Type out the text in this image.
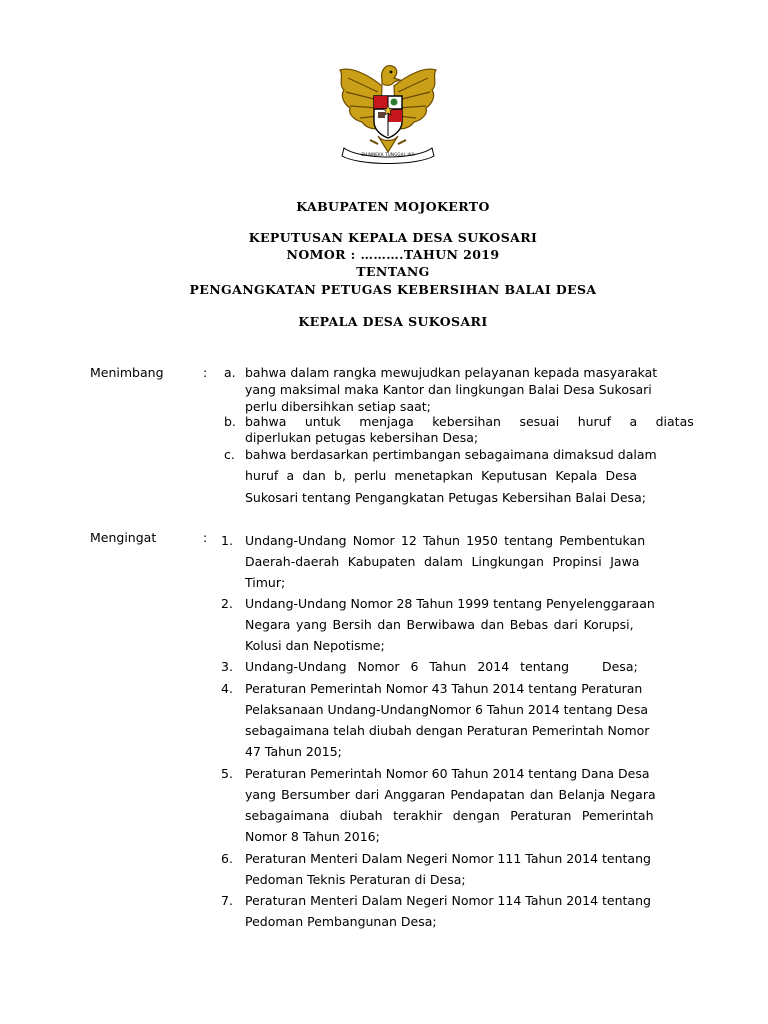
BHINNEKA TUNGGAL IKA
KABUPATEN MOJOKERTO
KEPUTUSAN KEPALA DESA SUKOSARI
NOMOR : ……….TAHUN 2019
TENTANG
PENGANGKATAN PETUGAS KEBERSIHAN BALAI DESA
KEPALA DESA SUKOSARI
Menimbang	: a. bahwa dalam rangka mewujudkan pelayanan kepada masyarakat
yang maksimal maka Kantor dan lingkungan Balai Desa Sukosari
perlu dibersihkan setiap saat;
b. bahwa untuk menjaga kebersihan sesuai huruf a diatas
diperlukan petugas kebersihan Desa;
c. bahwa berdasarkan pertimbangan sebagaimana dimaksud dalam
huruf a dan b, perlu menetapkan Keputusan Kepala Desa
Sukosari tentang Pengangkatan Petugas Kebersihan Balai Desa;
Mengingat	: 1. Undang-Undang Nomor 12 Tahun 1950 tentang Pembentukan
Daerah-daerah Kabupaten dalam Lingkungan Propinsi Jawa
Timur;
2. Undang-Undang Nomor 28 Tahun 1999 tentang Penyelenggaraan
Negara yang Bersih dan Berwibawa dan Bebas dari Korupsi,
Kolusi dan Nepotisme;
3. Undang-Undang Nomor 6 Tahun 2014 tentang   Desa;
4. Peraturan Pemerintah Nomor 43 Tahun 2014 tentang Peraturan
Pelaksanaan Undang-UndangNomor 6 Tahun 2014 tentang Desa
sebagaimana telah diubah dengan Peraturan Pemerintah Nomor
47 Tahun 2015;
5. Peraturan Pemerintah Nomor 60 Tahun 2014 tentang Dana Desa
yang Bersumber dari Anggaran Pendapatan dan Belanja Negara
sebagaimana diubah terakhir dengan Peraturan Pemerintah
Nomor 8 Tahun 2016;
6. Peraturan Menteri Dalam Negeri Nomor 111 Tahun 2014 tentang
Pedoman Teknis Peraturan di Desa;
7. Peraturan Menteri Dalam Negeri Nomor 114 Tahun 2014 tentang
Pedoman Pembangunan Desa;
